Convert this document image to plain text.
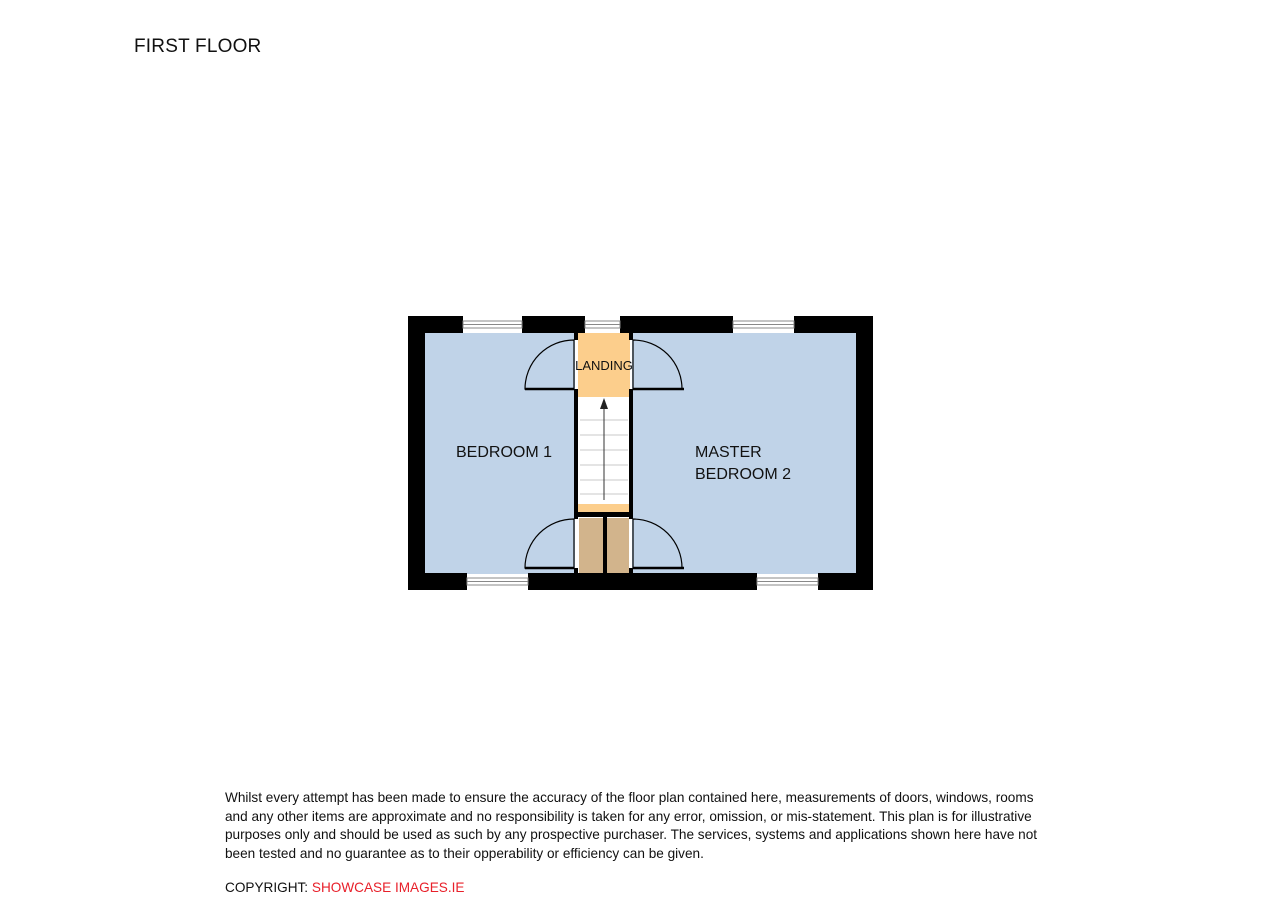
FIRST FLOOR
BEDROOM 1	MASTER
BEDROOM 2
LANDING
Whilst every attempt has been made to ensure the accuracy of the floor plan contained here, measurements of doors, windows, rooms and any other items are approximate and no responsibility is taken for any error, omission, or mis-statement. This plan is for illustrative purposes only and should be used as such by any prospective purchaser. The services, systems and applications shown here have not been tested and no guarantee as to their opperability or efficiency can be given.
COPYRIGHT: SHOWCASE IMAGES.IE
